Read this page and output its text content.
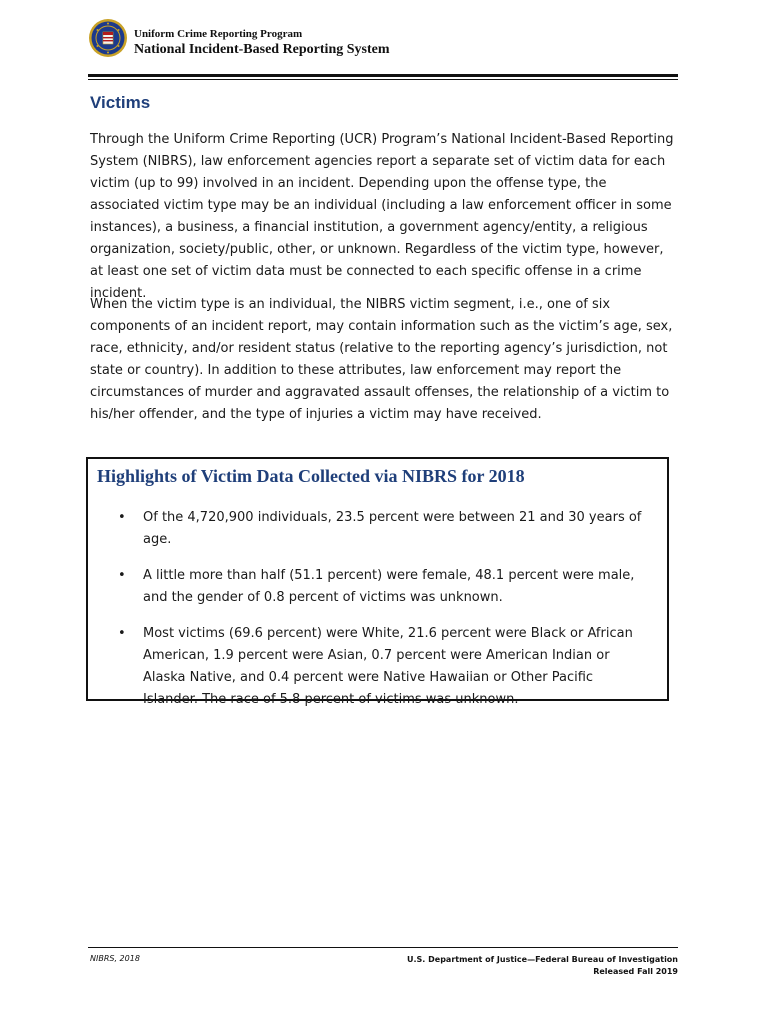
Uniform Crime Reporting Program
National Incident-Based Reporting System
Victims
Through the Uniform Crime Reporting (UCR) Program’s National Incident-Based Reporting System (NIBRS), law enforcement agencies report a separate set of victim data for each victim (up to 99) involved in an incident. Depending upon the offense type, the associated victim type may be an individual (including a law enforcement officer in some instances), a business, a financial institution, a government agency/entity, a religious organization, society/public, other, or unknown. Regardless of the victim type, however, at least one set of victim data must be connected to each specific offense in a crime incident.
When the victim type is an individual, the NIBRS victim segment, i.e., one of six components of an incident report, may contain information such as the victim’s age, sex, race, ethnicity, and/or resident status (relative to the reporting agency’s jurisdiction, not state or country). In addition to these attributes, law enforcement may report the circumstances of murder and aggravated assault offenses, the relationship of a victim to his/her offender, and the type of injuries a victim may have received.
Highlights of Victim Data Collected via NIBRS for 2018
• Of the 4,720,900 individuals, 23.5 percent were between 21 and 30 years of age.
• A little more than half (51.1 percent) were female, 48.1 percent were male, and the gender of 0.8 percent of victims was unknown.
• Most victims (69.6 percent) were White, 21.6 percent were Black or African American, 1.9 percent were Asian, 0.7 percent were American Indian or Alaska Native, and 0.4 percent were Native Hawaiian or Other Pacific Islander. The race of 5.8 percent of victims was unknown.
NIBRS, 2018	U.S. Department of Justice—Federal Bureau of Investigation
Released Fall 2019
